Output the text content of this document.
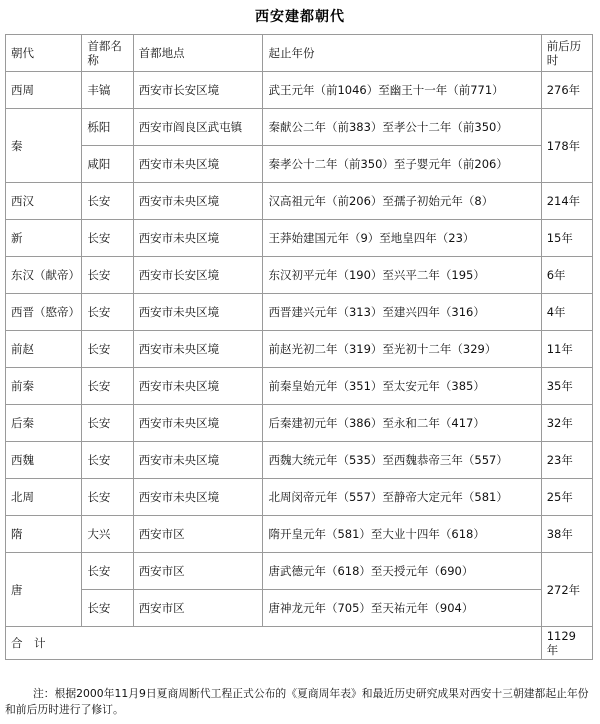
西安建都朝代
朝代	首都名称	首都地点	起止年份	前后历时
西周	丰镐	西安市长安区境	武王元年（前1046）至幽王十一年（前771）	276年
秦	栎阳	西安市阎良区武屯镇	秦献公二年（前383）至孝公十二年（前350）	178年
	咸阳	西安市未央区境	秦孝公十二年（前350）至子婴元年（前206）	
西汉	长安	西安市未央区境	汉高祖元年（前206）至孺子初始元年（8）	214年
新	长安	西安市未央区境	王莽始建国元年（9）至地皇四年（23）	15年
东汉（献帝）	长安	西安市长安区境	东汉初平元年（190）至兴平二年（195）	6年
西晋（愍帝）	长安	西安市未央区境	西晋建兴元年（313）至建兴四年（316）	4年
前赵	长安	西安市未央区境	前赵光初二年（319）至光初十二年（329）	11年
前秦	长安	西安市未央区境	前秦皇始元年（351）至太安元年（385）	35年
后秦	长安	西安市未央区境	后秦建初元年（386）至永和二年（417）	32年
西魏	长安	西安市未央区境	西魏大统元年（535）至西魏恭帝三年（557）	23年
北周	长安	西安市未央区境	北周闵帝元年（557）至静帝大定元年（581）	25年
隋	大兴	西安市区	隋开皇元年（581）至大业十四年（618）	38年
唐	长安	西安市区	唐武德元年（618）至天授元年（690）	272年
	长安	西安市区	唐神龙元年（705）至天祐元年（904）	
合　计				1129年
注：根据2000年11月9日夏商周断代工程正式公布的《夏商周年表》和最近历史研究成果对西安十三朝建都起止年份和前后历时进行了修订。
